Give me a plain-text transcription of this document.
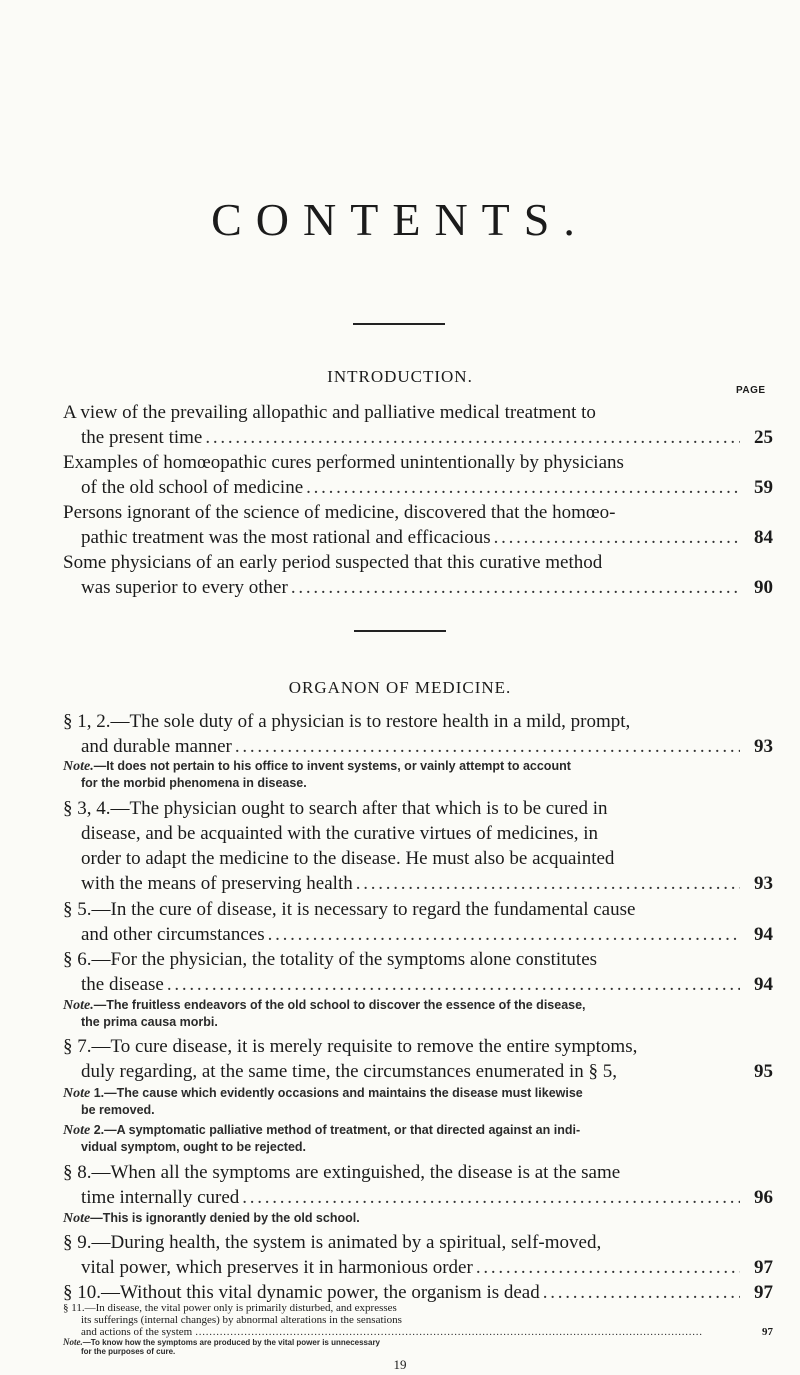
CONTENTS.
INTRODUCTION.
PAGE
A view of the prevailing allopathic and palliative medical treatment to
the present time . . .	25
Examples of homœopathic cures performed unintentionally by physicians
of the old school of medicine . . .	59
Persons ignorant of the science of medicine, discovered that the homœo-
pathic treatment was the most rational and efficacious . . .	84
Some physicians of an early period suspected that this curative method
was superior to every other . . .	90
ORGANON OF MEDICINE.
§ 1, 2.—The sole duty of a physician is to restore health in a mild, prompt,
and durable manner . . .	93
Note.—It does not pertain to his office to invent systems, or vainly attempt to account
for the morbid phenomena in disease.
§ 3, 4.—The physician ought to search after that which is to be cured in
disease, and be acquainted with the curative virtues of medicines, in
order to adapt the medicine to the disease. He must also be acquainted
with the means of preserving health . . .	93
§ 5.—In the cure of disease, it is necessary to regard the fundamental cause
and other circumstances . . .	94
§ 6.—For the physician, the totality of the symptoms alone constitutes
the disease . . .	94
Note.—The fruitless endeavors of the old school to discover the essence of the disease,
the prima causa morbi.
§ 7.—To cure disease, it is merely requisite to remove the entire symptoms,
duly regarding, at the same time, the circumstances enumerated in § 5,	95
Note 1.—The cause which evidently occasions and maintains the disease must likewise
be removed.
Note 2.—A symptomatic palliative method of treatment, or that directed against an indi-
vidual symptom, ought to be rejected.
§ 8.—When all the symptoms are extinguished, the disease is at the same
time internally cured . . .	96
Note—This is ignorantly denied by the old school.
§ 9.—During health, the system is animated by a spiritual, self-moved,
vital power, which preserves it in harmonious order . . .	97
§ 10.—Without this vital dynamic power, the organism is dead . . .	97
§ 11.—In disease, the vital power only is primarily disturbed, and expresses
its sufferings (internal changes) by abnormal alterations in the sensations
and actions of the system . . .	97
Note.—To know how the symptoms are produced by the vital power is unnecessary
for the purposes of cure.
19
